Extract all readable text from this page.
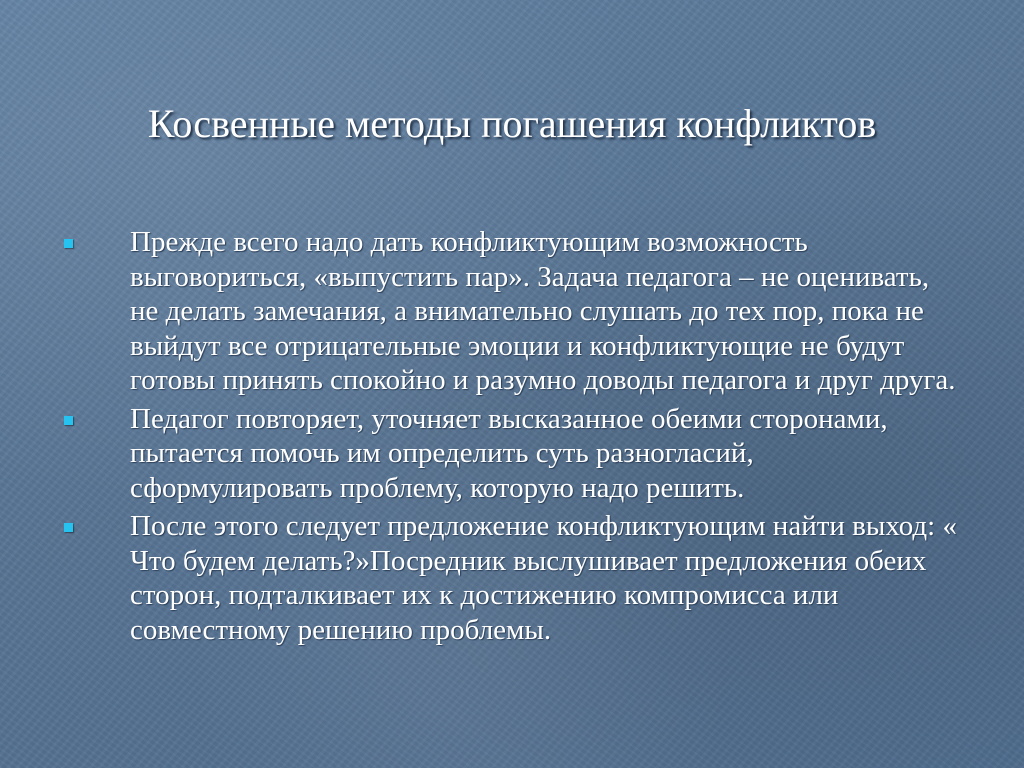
Косвенные методы погашения конфликтов
Прежде всего надо дать конфликтующим возможность выговориться, «выпустить пар». Задача педагога – не оценивать, не делать замечания, а внимательно слушать до тех пор, пока не выйдут все отрицательные эмоции и конфликтующие не будут готовы принять спокойно и разумно доводы педагога и друг друга.
Педагог повторяет, уточняет высказанное обеими сторонами, пытается помочь им определить суть разногласий, сформулировать проблему, которую надо решить.
После этого следует предложение конфликтующим найти выход: « Что будем делать?»Посредник выслушивает предложения обеих сторон, подталкивает их к достижению компромисса или совместному решению проблемы.
